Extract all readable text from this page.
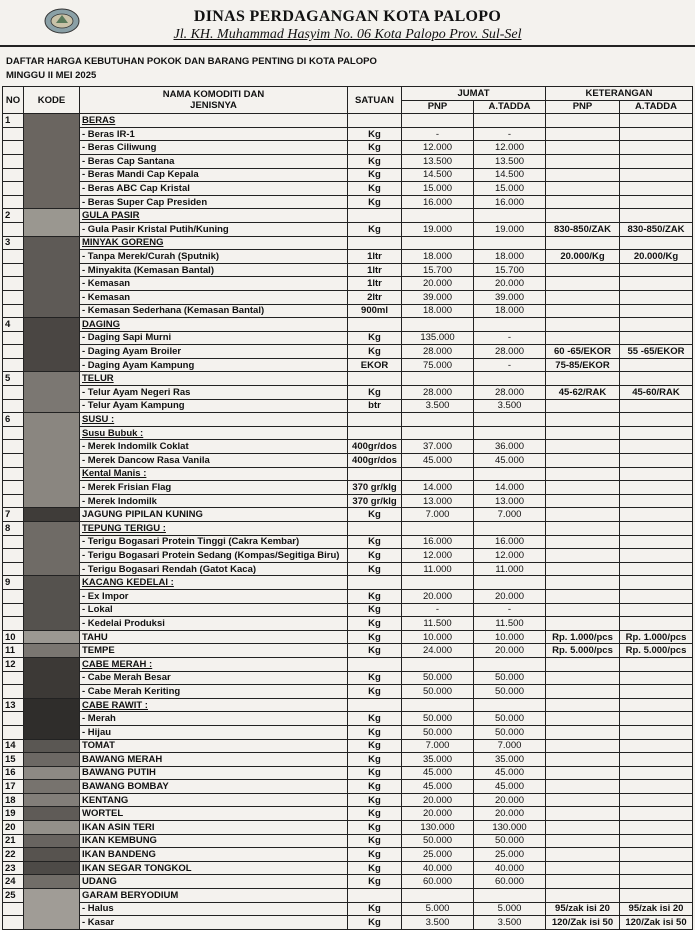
DINAS PERDAGANGAN KOTA PALOPO
Jl. KH. Muhammad Hasyim No. 06 Kota Palopo Prov. Sul-Sel
DAFTAR HARGA KEBUTUHAN POKOK DAN BARANG PENTING DI KOTA PALOPO
MINGGU II MEI 2025
NO	KODE	NAMA KOMODITI DAN
JENISNYA	SATUAN	JUMAT		KETERANGAN	
				PNP	A.TADDA	PNP	A.TADDA
1		BERAS					
		- Beras IR-1	Kg	-	-		
		- Beras Ciliwung	Kg	12.000	12.000		
		- Beras Cap Santana	Kg	13.500	13.500		
		- Beras Mandi Cap Kepala	Kg	14.500	14.500		
		- Beras ABC Cap Kristal	Kg	15.000	15.000		
		- Beras Super Cap Presiden	Kg	16.000	16.000		
2		GULA PASIR					
		- Gula Pasir Kristal Putih/Kuning	Kg	19.000	19.000	830-850/ZAK	830-850/ZAK
3		MINYAK GORENG					
		- Tanpa Merek/Curah (Sputnik)	1ltr	18.000	18.000	20.000/Kg	20.000/Kg
		- Minyakita (Kemasan Bantal)	1ltr	15.700	15.700		
		- Kemasan	1ltr	20.000	20.000		
		- Kemasan	2ltr	39.000	39.000		
		- Kemasan Sederhana (Kemasan Bantal)	900ml	18.000	18.000		
4		DAGING					
		- Daging Sapi Murni	Kg	135.000	-		
		- Daging Ayam Broiler	Kg	28.000	28.000	60 -65/EKOR	55 -65/EKOR
		- Daging Ayam Kampung	EKOR	75.000	-	75-85/EKOR	
5		TELUR					
		- Telur Ayam Negeri Ras	Kg	28.000	28.000	45-62/RAK	45-60/RAK
		- Telur Ayam Kampung	btr	3.500	3.500		
6		SUSU :					
		Susu Bubuk :					
		- Merek Indomilk Coklat	400gr/dos	37.000	36.000		
		- Merek Dancow Rasa Vanila	400gr/dos	45.000	45.000		
		Kental Manis :					
		- Merek Frisian Flag	370 gr/klg	14.000	14.000		
		- Merek Indomilk	370 gr/klg	13.000	13.000		
7		JAGUNG PIPILAN KUNING	Kg	7.000	7.000		
8		TEPUNG TERIGU :					
		- Terigu Bogasari Protein Tinggi (Cakra Kembar)	Kg	16.000	16.000		
		- Terigu Bogasari Protein Sedang (Kompas/Segitiga Biru)	Kg	12.000	12.000		
		- Terigu Bogasari Rendah (Gatot Kaca)	Kg	11.000	11.000		
9		KACANG KEDELAI :					
		- Ex Impor	Kg	20.000	20.000		
		- Lokal	Kg	-	-		
		- Kedelai Produksi	Kg	11.500	11.500		
10		TAHU	Kg	10.000	10.000	Rp. 1.000/pcs	Rp. 1.000/pcs
11		TEMPE	Kg	24.000	20.000	Rp. 5.000/pcs	Rp. 5.000/pcs
12		CABE MERAH :					
		- Cabe Merah Besar	Kg	50.000	50.000		
		- Cabe Merah Keriting	Kg	50.000	50.000		
13		CABE RAWIT :					
		- Merah	Kg	50.000	50.000		
		- Hijau	Kg	50.000	50.000		
14		TOMAT	Kg	7.000	7.000		
15		BAWANG MERAH	Kg	35.000	35.000		
16		BAWANG PUTIH	Kg	45.000	45.000		
17		BAWANG BOMBAY	Kg	45.000	45.000		
18		KENTANG	Kg	20.000	20.000		
19		WORTEL	Kg	20.000	20.000		
20		IKAN ASIN TERI	Kg	130.000	130.000		
21		IKAN KEMBUNG	Kg	50.000	50.000		
22		IKAN BANDENG	Kg	25.000	25.000		
23		IKAN SEGAR TONGKOL	Kg	40.000	40.000		
24		UDANG	Kg	60.000	60.000		
25		GARAM BERYODIUM					
		- Halus	Kg	5.000	5.000	95/zak isi 20	95/zak isi 20
		- Kasar	Kg	3.500	3.500	120/Zak isi 50	120/Zak isi 50
